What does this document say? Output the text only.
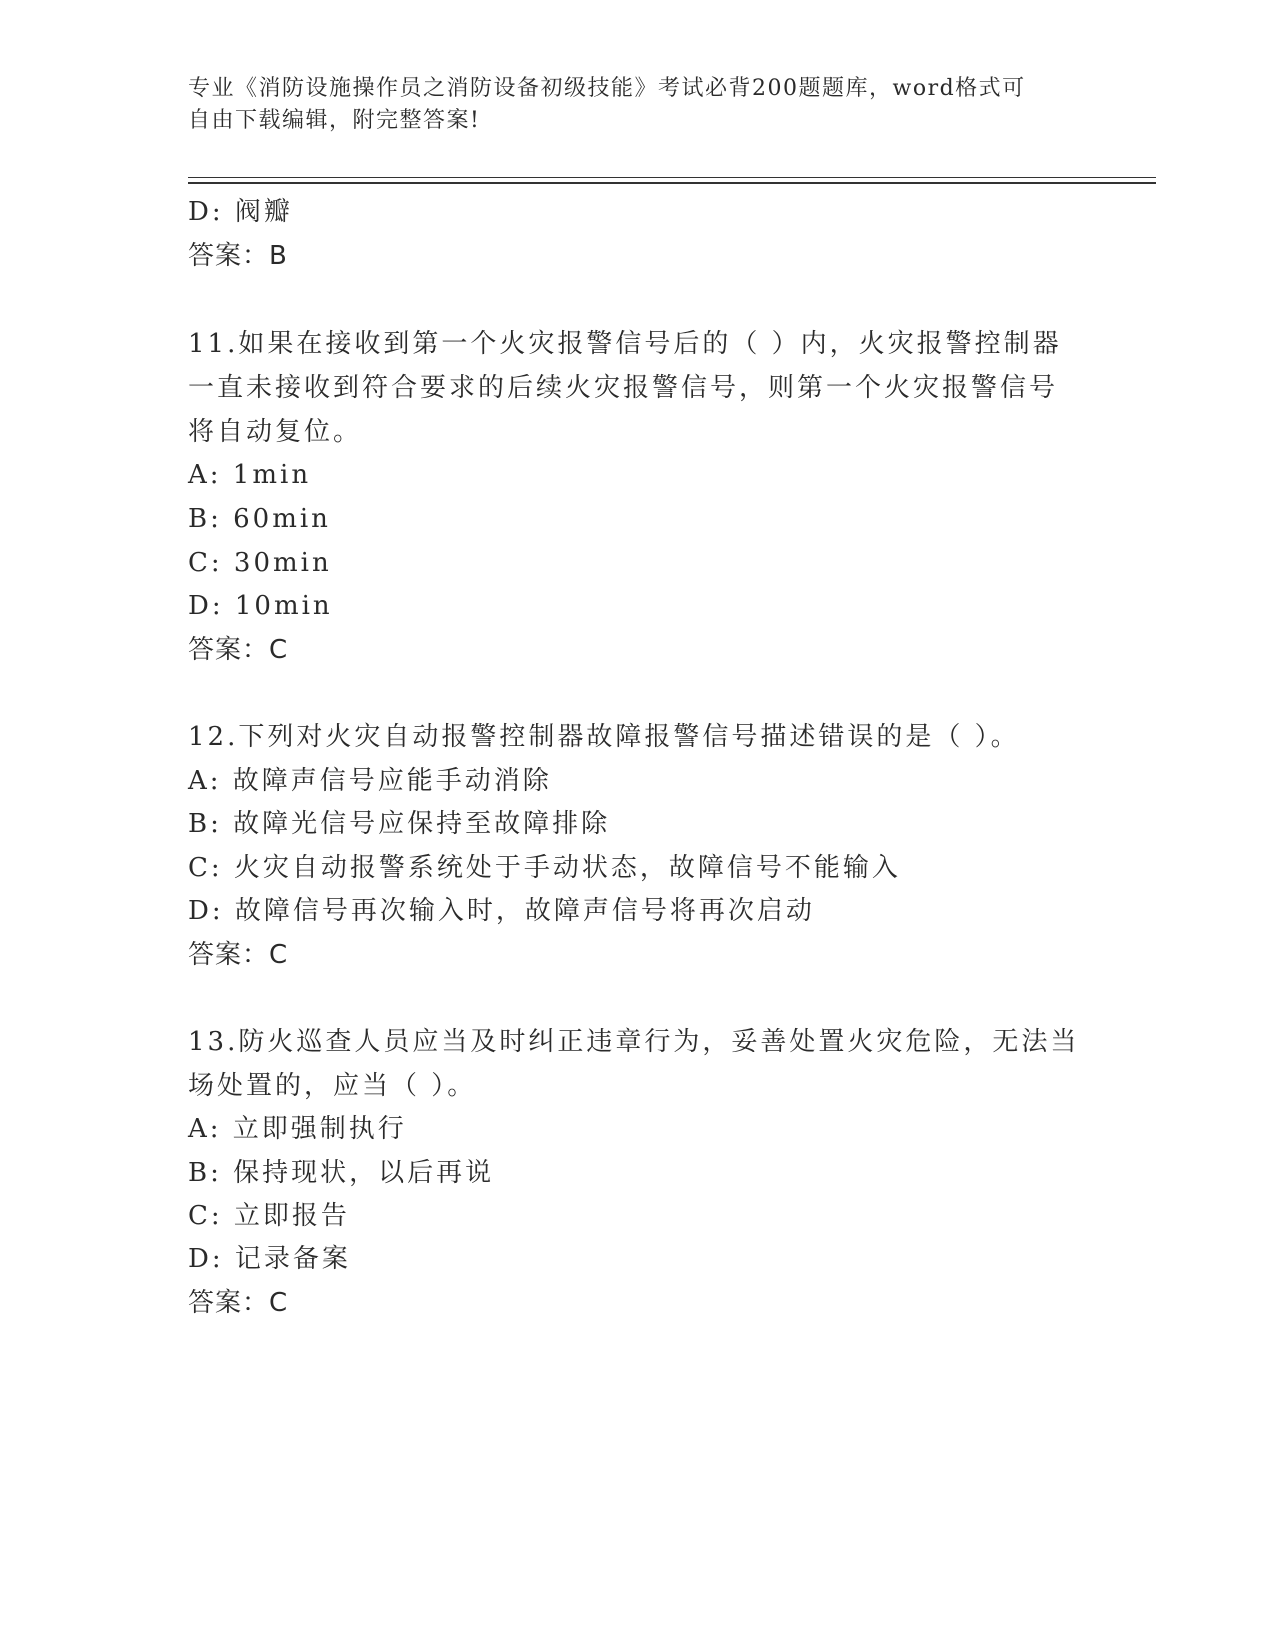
专业《消防设施操作员之消防设备初级技能》考试必背200题题库，word格式可
自由下载编辑，附完整答案!
D: 阀瓣
答案：B
11.如果在接收到第一个火灾报警信号后的（ ）内，火灾报警控制器
一直未接收到符合要求的后续火灾报警信号，则第一个火灾报警信号
将自动复位。
A: 1min
B: 60min
C: 30min
D: 10min
答案：C
12.下列对火灾自动报警控制器故障报警信号描述错误的是（ ）。
A: 故障声信号应能手动消除
B: 故障光信号应保持至故障排除
C: 火灾自动报警系统处于手动状态，故障信号不能输入
D: 故障信号再次输入时，故障声信号将再次启动
答案：C
13.防火巡查人员应当及时纠正违章行为，妥善处置火灾危险，无法当
场处置的，应当（ ）。
A: 立即强制执行
B: 保持现状，以后再说
C: 立即报告
D: 记录备案
答案：C
